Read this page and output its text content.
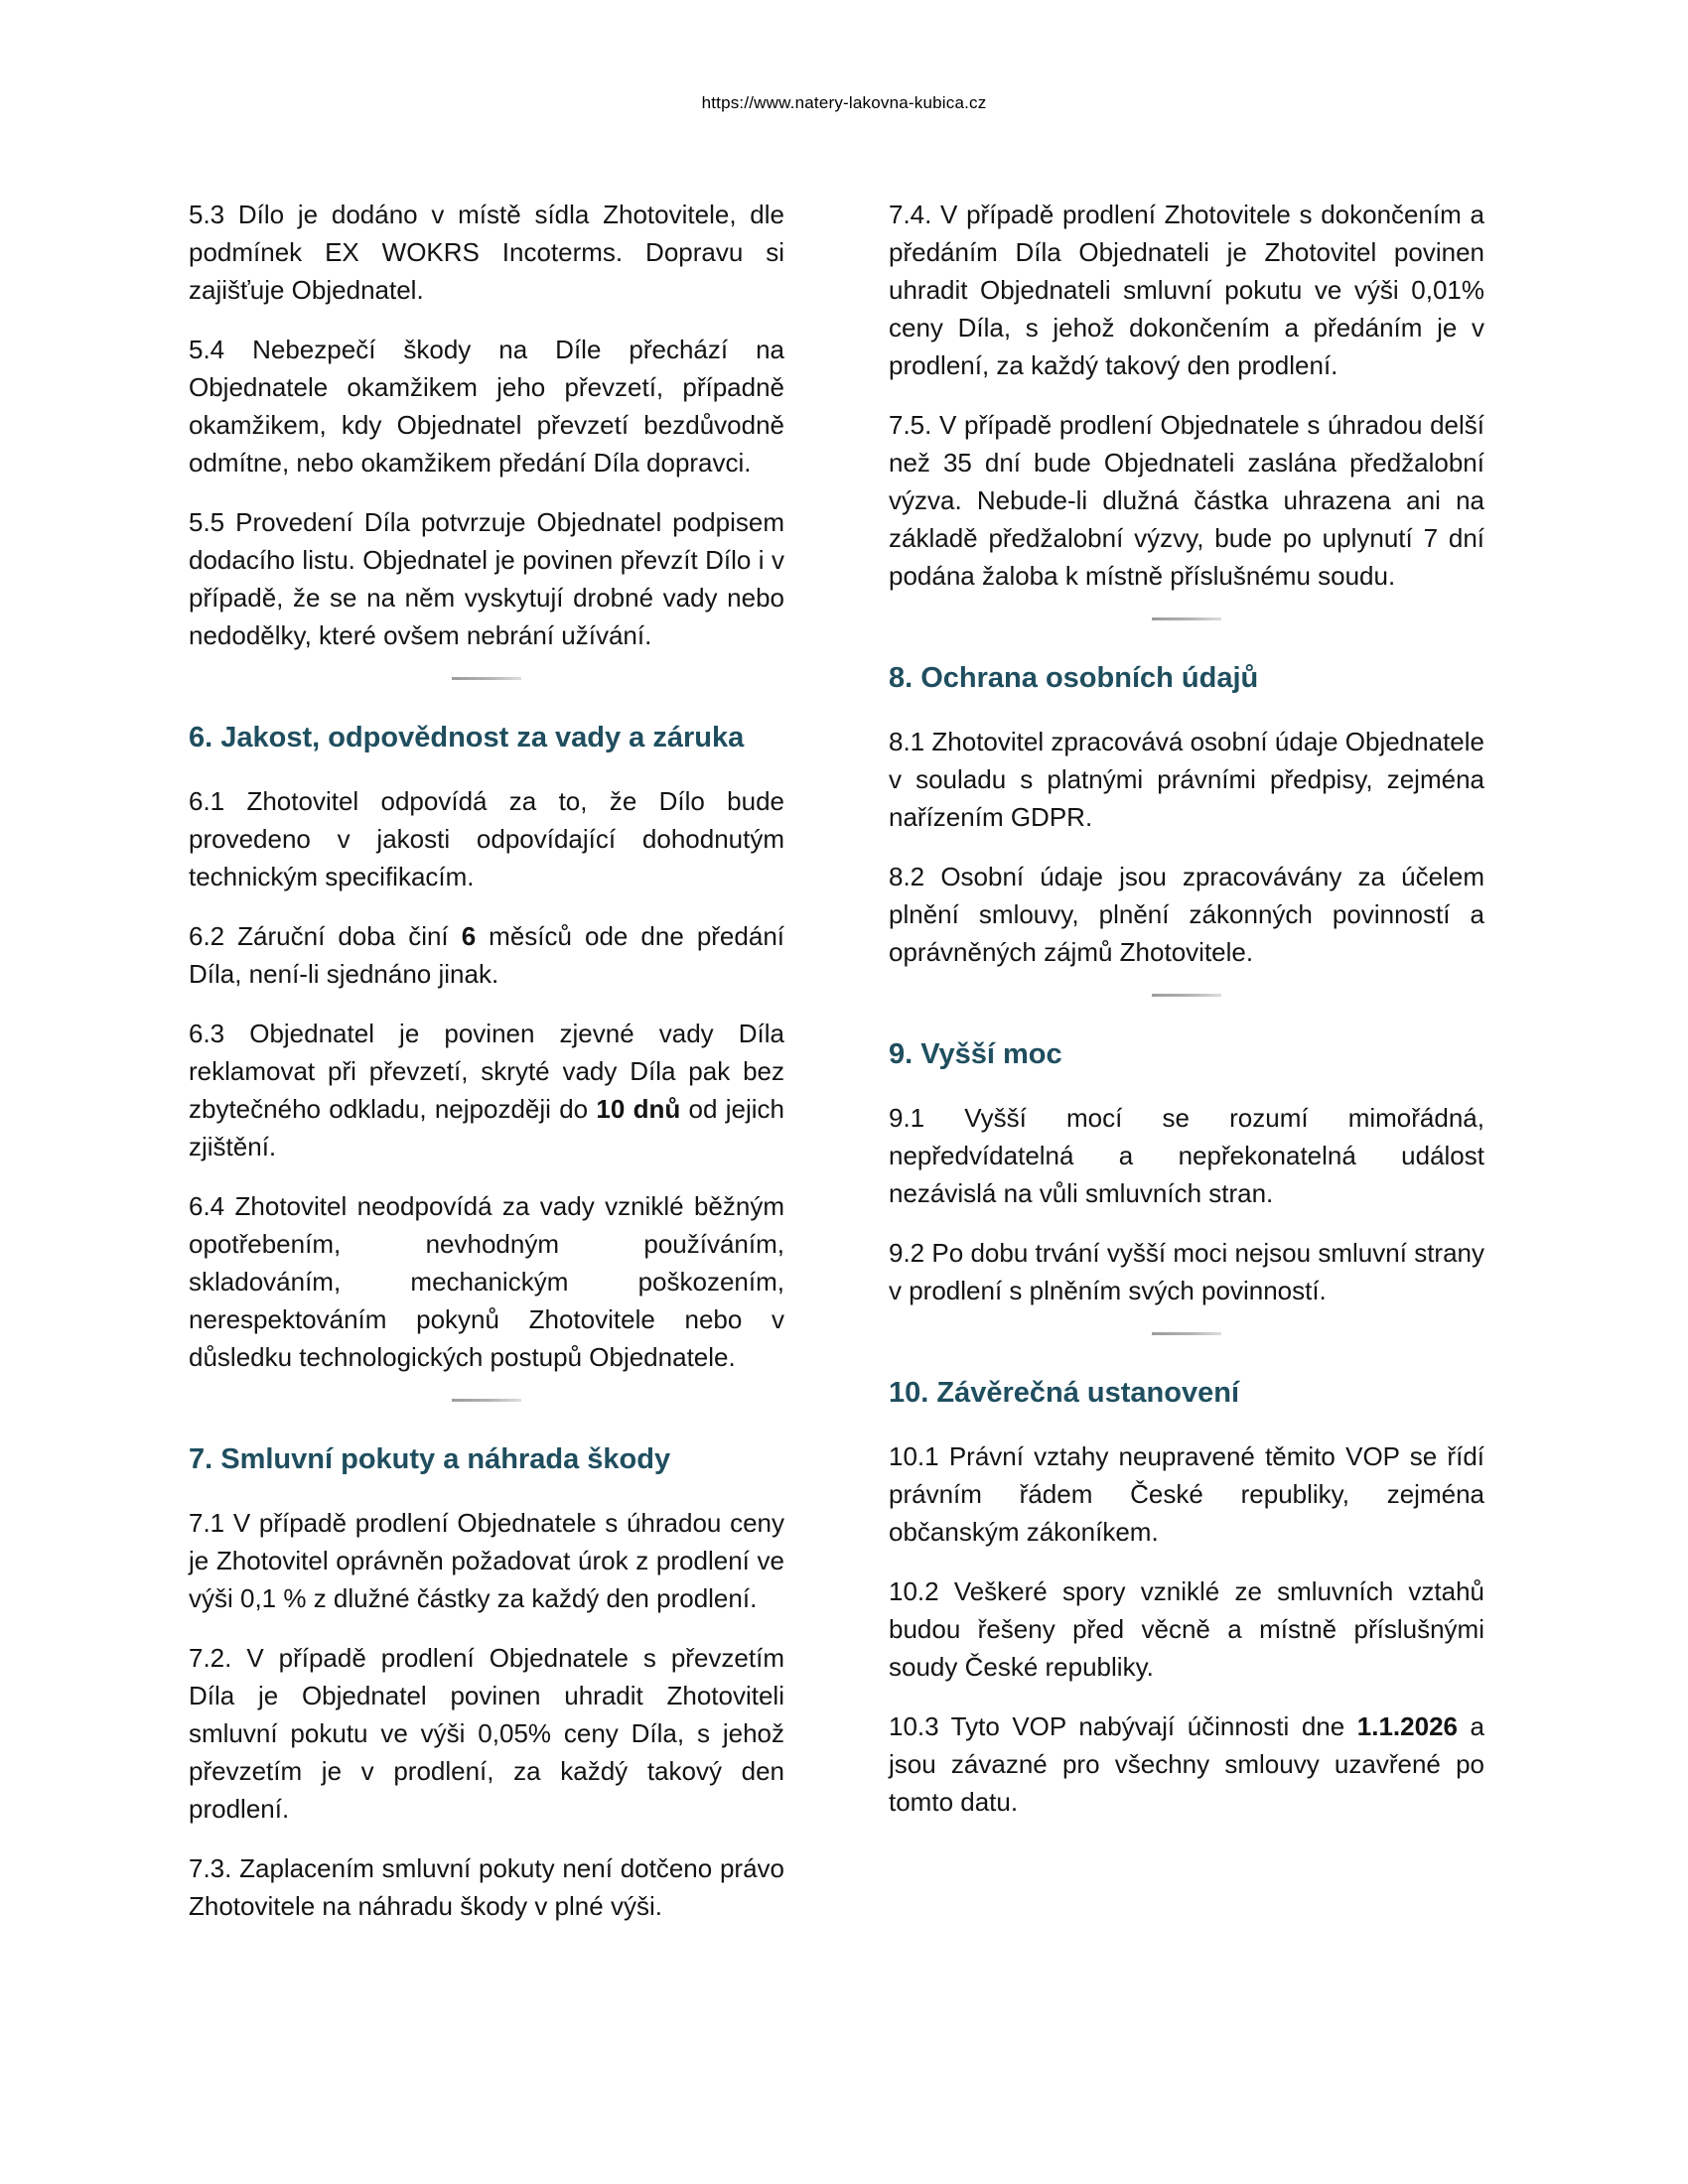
https://www.natery-lakovna-kubica.cz

5.3 Dílo je dodáno v místě sídla Zhotovitele, dle podmínek EX WOKRS Incoterms. Dopravu si zajišťuje Objednatel.

5.4 Nebezpečí škody na Díle přechází na Objednatele okamžikem jeho převzetí, případně okamžikem, kdy Objednatel převzetí bezdůvodně odmítne, nebo okamžikem předání Díla dopravci.

5.5 Provedení Díla potvrzuje Objednatel podpisem dodacího listu. Objednatel je povinen převzít Dílo i v případě, že se na něm vyskytují drobné vady nebo nedodělky, které ovšem nebrání užívání.

6. Jakost, odpovědnost za vady a záruka

6.1 Zhotovitel odpovídá za to, že Dílo bude provedeno v jakosti odpovídající dohodnutým technickým specifikacím.

6.2 Záruční doba činí 6 měsíců ode dne předání Díla, není-li sjednáno jinak.

6.3 Objednatel je povinen zjevné vady Díla reklamovat při převzetí, skryté vady Díla pak bez zbytečného odkladu, nejpozději do 10 dnů od jejich zjištění.

6.4 Zhotovitel neodpovídá za vady vzniklé běžným opotřebením, nevhodným používáním, skladováním, mechanickým poškozením, nerespektováním pokynů Zhotovitele nebo v důsledku technologických postupů Objednatele.

7. Smluvní pokuty a náhrada škody

7.1 V případě prodlení Objednatele s úhradou ceny je Zhotovitel oprávněn požadovat úrok z prodlení ve výši 0,1 % z dlužné částky za každý den prodlení.

7.2. V případě prodlení Objednatele s převzetím Díla je Objednatel povinen uhradit Zhotoviteli smluvní pokutu ve výši 0,05% ceny Díla, s jehož převzetím je v prodlení, za každý takový den prodlení.

7.3. Zaplacením smluvní pokuty není dotčeno právo Zhotovitele na náhradu škody v plné výši.

7.4. V případě prodlení Zhotovitele s dokončením a předáním Díla Objednateli je Zhotovitel povinen uhradit Objednateli smluvní pokutu ve výši 0,01% ceny Díla, s jehož dokončením a předáním je v prodlení, za každý takový den prodlení.

7.5. V případě prodlení Objednatele s úhradou delší než 35 dní bude Objednateli zaslána předžalobní výzva. Nebude-li dlužná částka uhrazena ani na základě předžalobní výzvy, bude po uplynutí 7 dní podána žaloba k místně příslušnému soudu.

8. Ochrana osobních údajů

8.1 Zhotovitel zpracovává osobní údaje Objednatele v souladu s platnými právními předpisy, zejména nařízením GDPR.

8.2 Osobní údaje jsou zpracovávány za účelem plnění smlouvy, plnění zákonných povinností a oprávněných zájmů Zhotovitele.

9. Vyšší moc

9.1 Vyšší mocí se rozumí mimořádná, nepředvídatelná a nepřekonatelná událost nezávislá na vůli smluvních stran.

9.2 Po dobu trvání vyšší moci nejsou smluvní strany v prodlení s plněním svých povinností.

10. Závěrečná ustanovení

10.1 Právní vztahy neupravené těmito VOP se řídí právním řádem České republiky, zejména občanským zákoníkem.

10.2 Veškeré spory vzniklé ze smluvních vztahů budou řešeny před věcně a místně příslušnými soudy České republiky.

10.3 Tyto VOP nabývají účinnosti dne 1.1.2026 a jsou závazné pro všechny smlouvy uzavřené po tomto datu.
